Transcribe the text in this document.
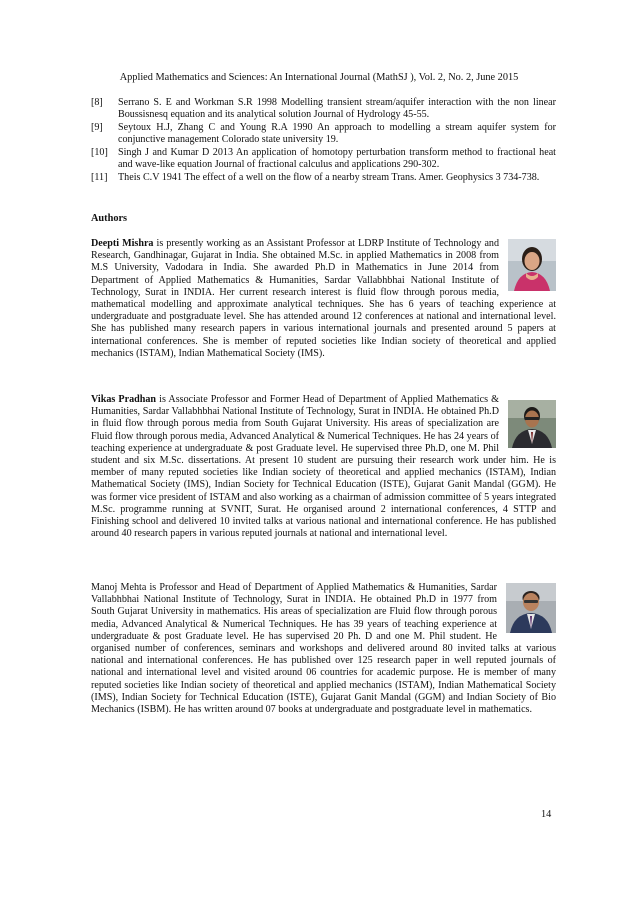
Applied Mathematics and Sciences: An International Journal (MathSJ ), Vol. 2, No. 2, June 2015
[8]	Serrano S. E and Workman S.R 1998 Modelling transient stream/aquifer interaction with the non linear Boussisnesq equation and its analytical solution Journal of Hydrology 45-55.
[9]	Seytoux H.J, Zhang C and Young R.A 1990 An approach to modelling a stream aquifer system for conjunctive management Colorado state university 19.
[10]	Singh J and Kumar D 2013 An application of homotopy perturbation transform method to fractional heat and wave-like equation Journal of fractional calculus and applications 290-302.
[11]	Theis C.V 1941 The effect of a well on the flow of a nearby stream Trans. Amer. Geophysics 3 734-738.
Authors
Deepti Mishra is presently working as an Assistant Professor at LDRP Institute of Technology and Research, Gandhinagar, Gujarat in India. She obtained M.Sc. in applied Mathematics in 2008 from M.S University, Vadodara in India. She awarded Ph.D in Mathematics in June 2014 from Department of Applied Mathematics & Humanities, Sardar Vallabhbhai National Institute of Technology, Surat in INDIA. Her current research interest is fluid flow through porous media, mathematical modelling and approximate analytical techniques. She has 6 years of teaching experience at undergraduate and postgraduate level. She has attended around 12 conferences at national and international level. She has published many research papers in various international journals and presented around 5 papers at international conferences. She is member of reputed societies like Indian society of theoretical and applied mechanics (ISTAM), Indian Mathematical Society (IMS).
Vikas Pradhan is Associate Professor and Former Head of Department of Applied Mathematics & Humanities, Sardar Vallabhbhai National Institute of Technology, Surat in INDIA. He obtained Ph.D in fluid flow through porous media from South Gujarat University. His areas of specialization are Fluid flow through porous media, Advanced Analytical & Numerical Techniques. He has 24 years of teaching experience at undergraduate & post Graduate level. He supervised three Ph.D, one M. Phil student and six M.Sc. dissertations. At present 10 student are pursuing their research work under him. He is member of many reputed societies like Indian society of theoretical and applied mechanics (ISTAM), Indian Mathematical Society (IMS), Indian Society for Technical Education (ISTE), Gujarat Ganit Mandal (GGM). He was former vice president of ISTAM and also working as a chairman of admission committee of 5 years integrated M.Sc. programme running at SVNIT, Surat. He organised around 2 international conferences, 4 STTP and Finishing school and delivered 10 invited talks at various national and international conference. He has published around 40 research papers in various reputed journals at national and international level.
Manoj Mehta is Professor and Head of Department of Applied Mathematics & Humanities, Sardar Vallabhbhai National Institute of Technology, Surat in INDIA. He obtained Ph.D in 1977 from South Gujarat University in mathematics. His areas of specialization are Fluid flow through porous media, Advanced Analytical & Numerical Techniques. He has 39 years of teaching experience at undergraduate & post Graduate level. He has supervised 20 Ph. D and one M. Phil student. He organised number of conferences, seminars and workshops and delivered around 80 invited talks at various national and international conferences. He has published over 125 research paper in well reputed journals of national and international level and visited around 06 countries for academic purpose. He is member of many reputed societies like Indian society of theoretical and applied mechanics (ISTAM), Indian Mathematical Society (IMS), Indian Society for Technical Education (ISTE), Gujarat Ganit Mandal (GGM) and Indian Society of Bio Mechanics (ISBM). He has written around 07 books at undergraduate and postgraduate level in mathematics.
14
